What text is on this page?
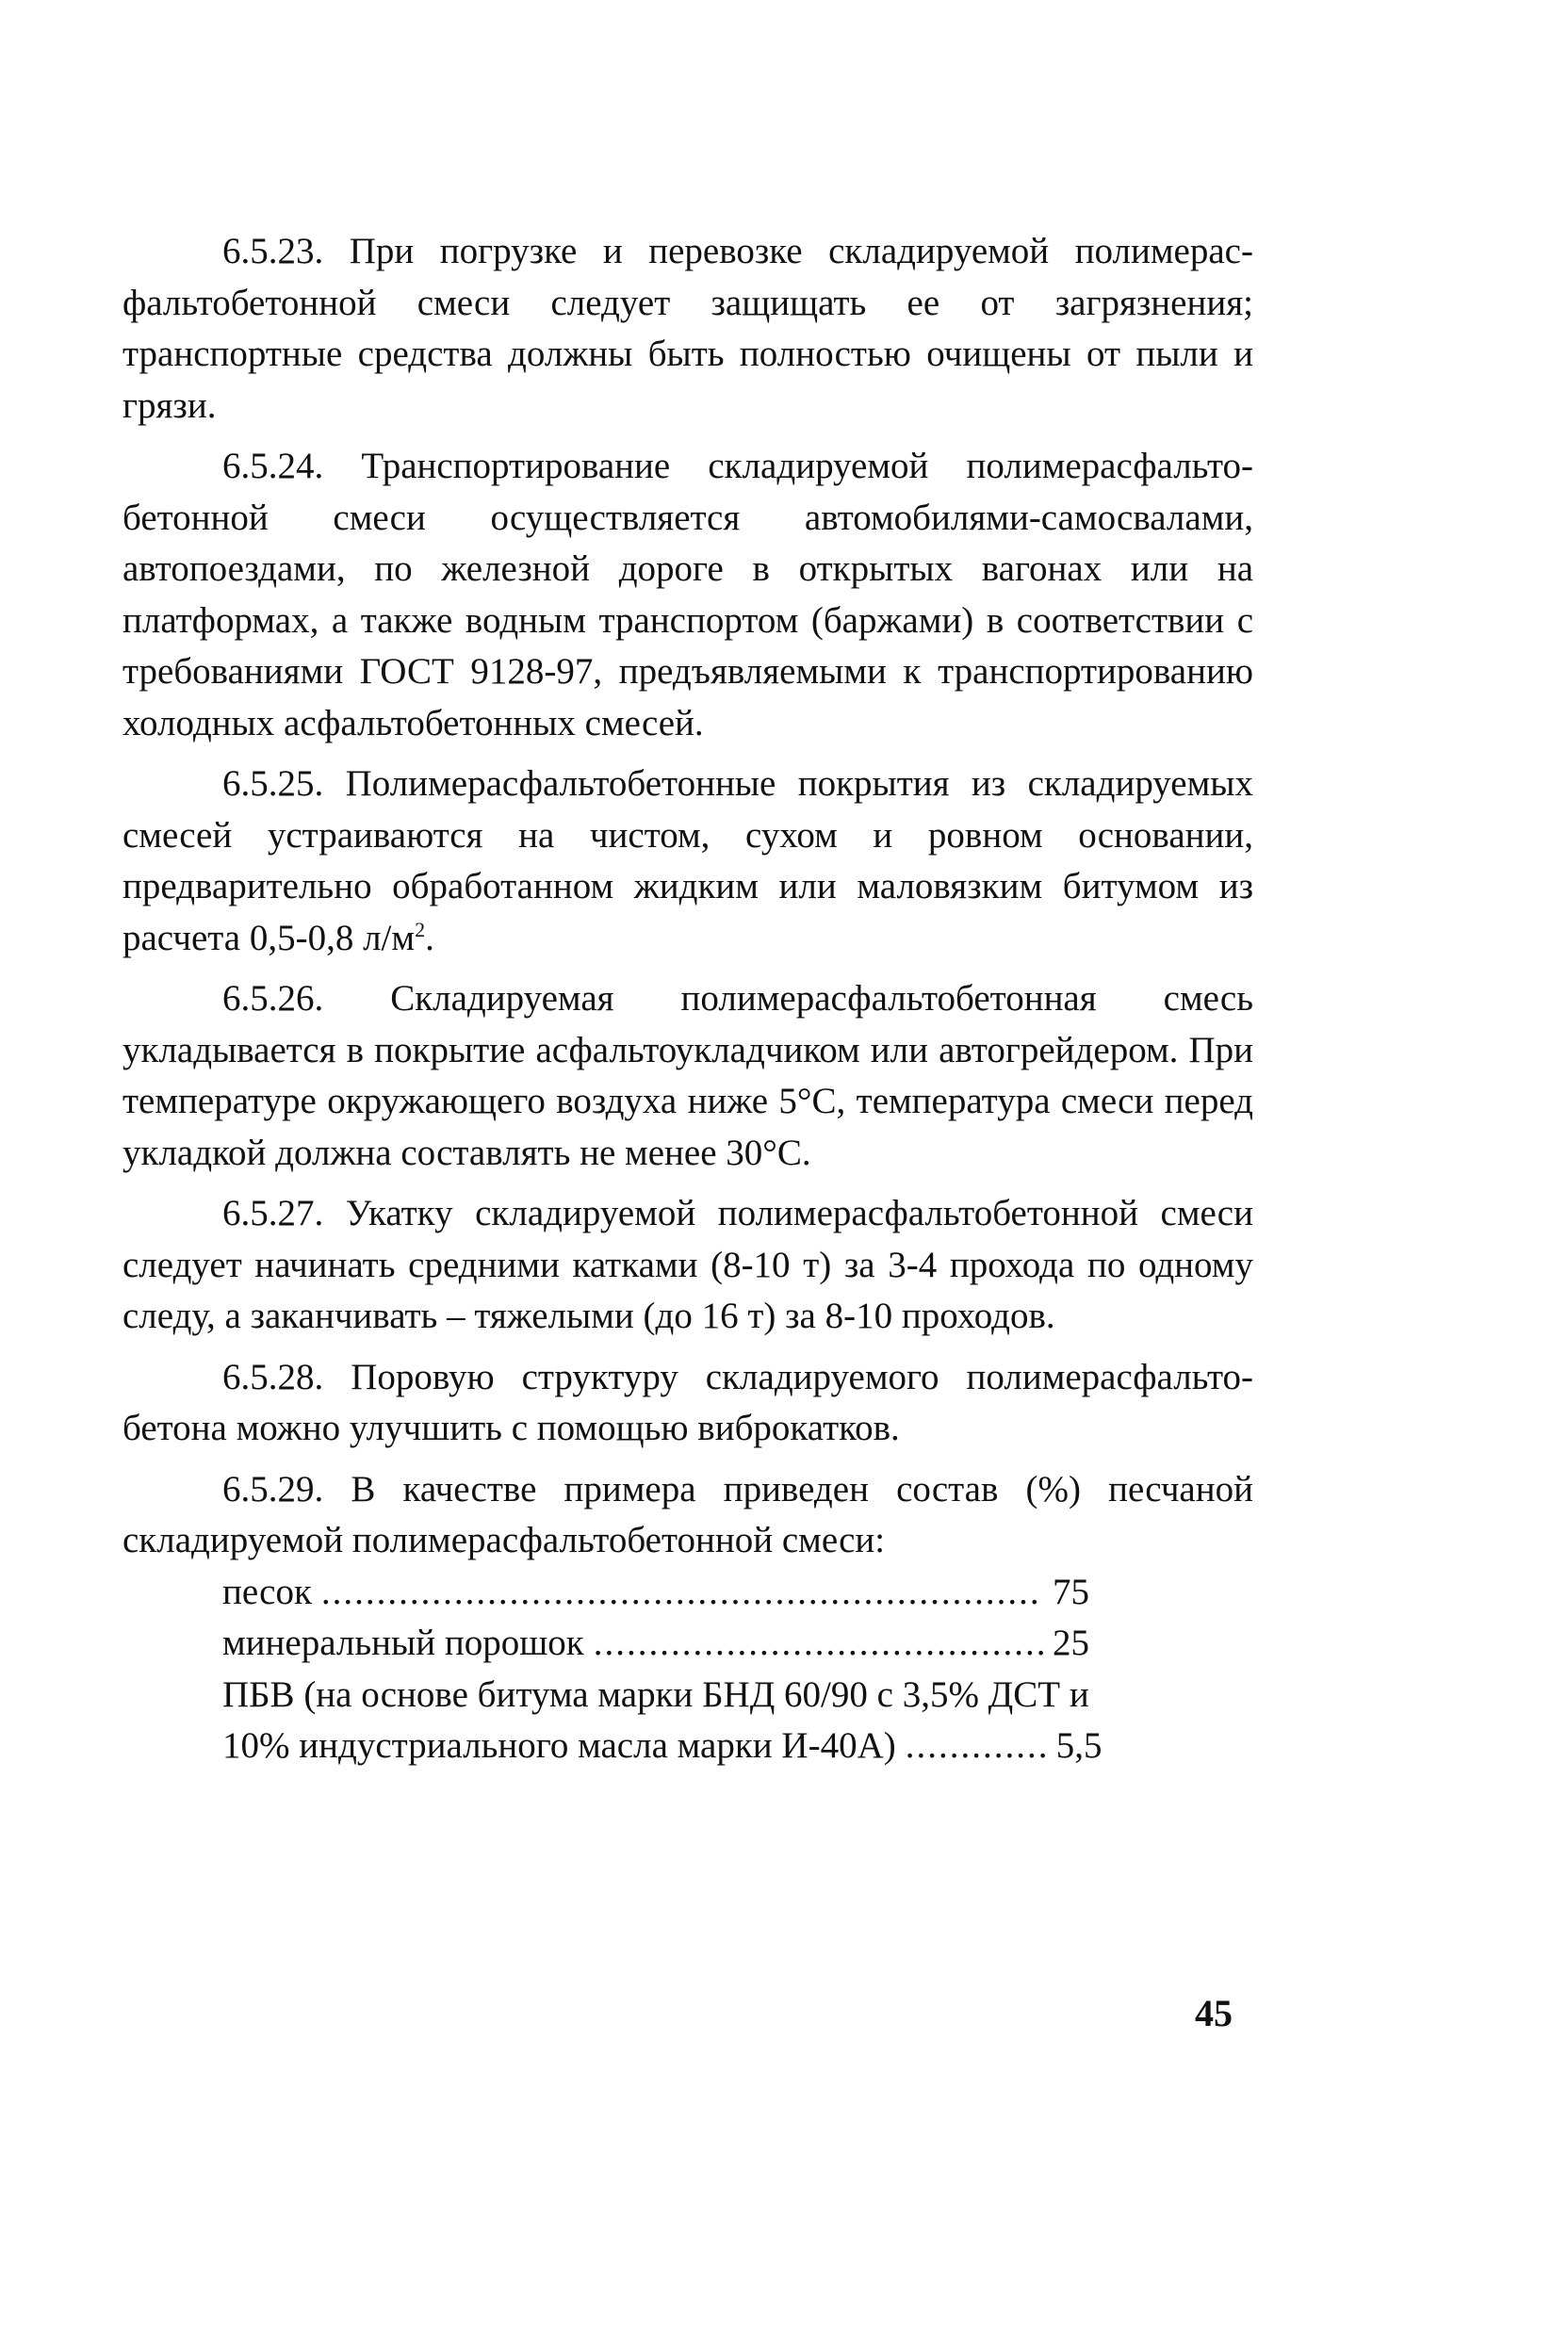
6.5.23. При погрузке и перевозке складируемой полимерасфальтобетонной смеси следует защищать ее от загрязнения; транспортные средства должны быть полностью очищены от пыли и грязи.

6.5.24. Транспортирование складируемой полимерасфальтобетонной смеси осуществляется автомобилями-самосвалами, автопоездами, по железной дороге в открытых вагонах или на платформах, а также водным транспортом (баржами) в соответствии с требованиями ГОСТ 9128-97, предъявляемыми к транспортированию холодных асфальтобетонных смесей.

6.5.25. Полимерасфальтобетонные покрытия из складируемых смесей устраиваются на чистом, сухом и ровном основании, предварительно обработанном жидким или маловязким битумом из расчета 0,5-0,8 $л/м^2$.

6.5.26. Складируемая полимерасфальтобетонная смесь укладывается в покрытие асфальтоукладчиком или автогрейдером. При температуре окружающего воздуха ниже 5°С, температура смеси перед укладкой должна составлять не менее 30°С.

6.5.27. Укатку складируемой полимерасфальтобетонной смеси следует начинать средними катками (8-10 т) за 3-4 прохода по одному следу, а заканчивать – тяжелыми (до 16 т) за 8-10 проходов.

6.5.28. Поровую структуру складируемого полимерасфальтобетона можно улучшить с помощью виброкатков.

6.5.29. В качестве примера приведен состав (%) песчаной складируемой полимерасфальтобетонной смеси:

песок .....	75
минеральный порошок .....	25
ПБВ (на основе битума марки БНД 60/90 с 3,5% ДСТ и
10% индустриального масла марки И-40А) .....	5,5
45
